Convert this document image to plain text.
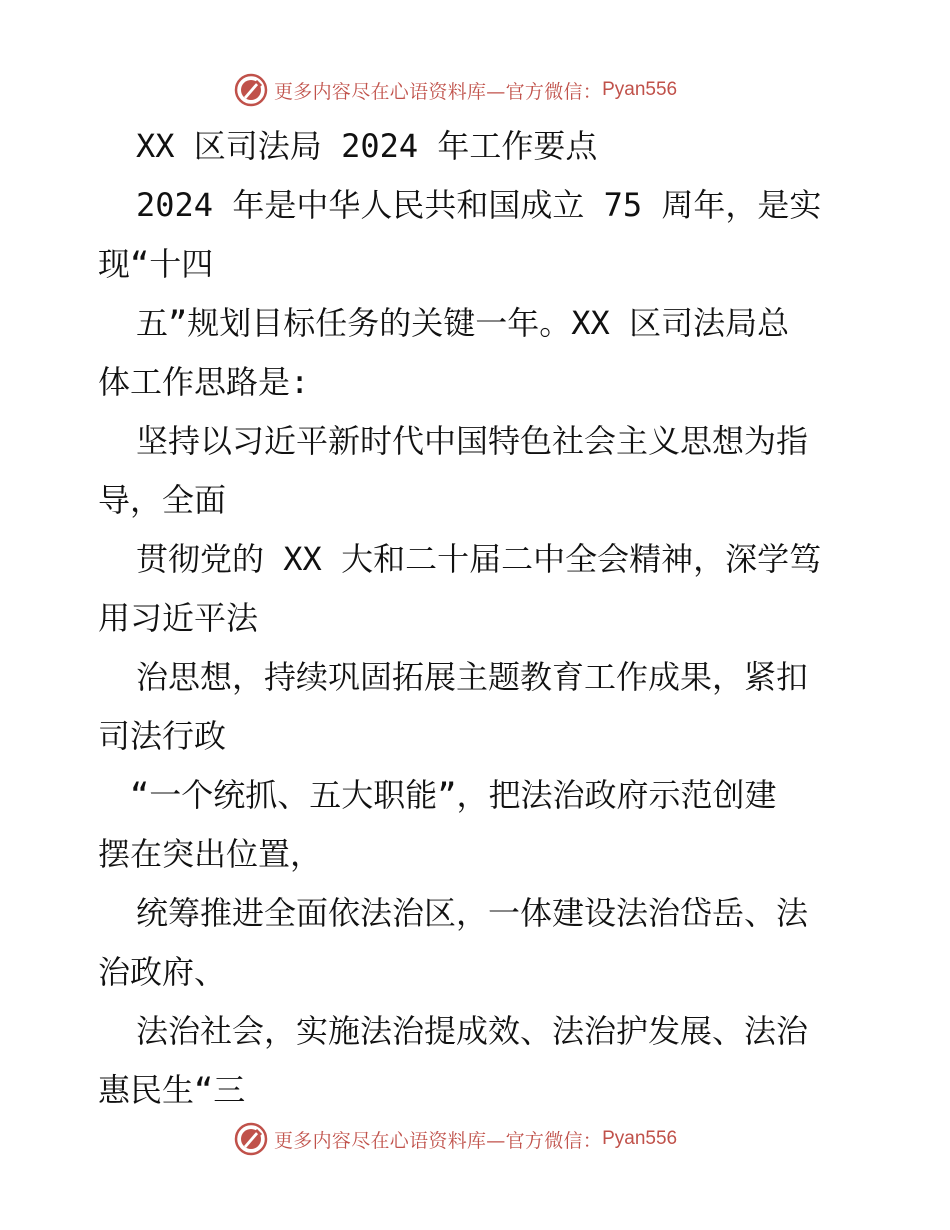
更多内容尽在心语资料库—官方微信： Pyan556
XX 区司法局 2024 年工作要点
2024 年是中华人民共和国成立 75 周年，是实
现“十四
五”规划目标任务的关键一年。XX 区司法局总
体工作思路是:
坚持以习近平新时代中国特色社会主义思想为指
导，全面
贯彻党的 XX 大和二十届二中全会精神，深学笃
用习近平法
治思想，持续巩固拓展主题教育工作成果，紧扣
司法行政
“一个统抓、五大职能”，把法治政府示范创建
摆在突出位置，
统筹推进全面依法治区，一体建设法治岱岳、法
治政府、
法治社会，实施法治提成效、法治护发展、法治
惠民生“三
更多内容尽在心语资料库—官方微信： Pyan556
